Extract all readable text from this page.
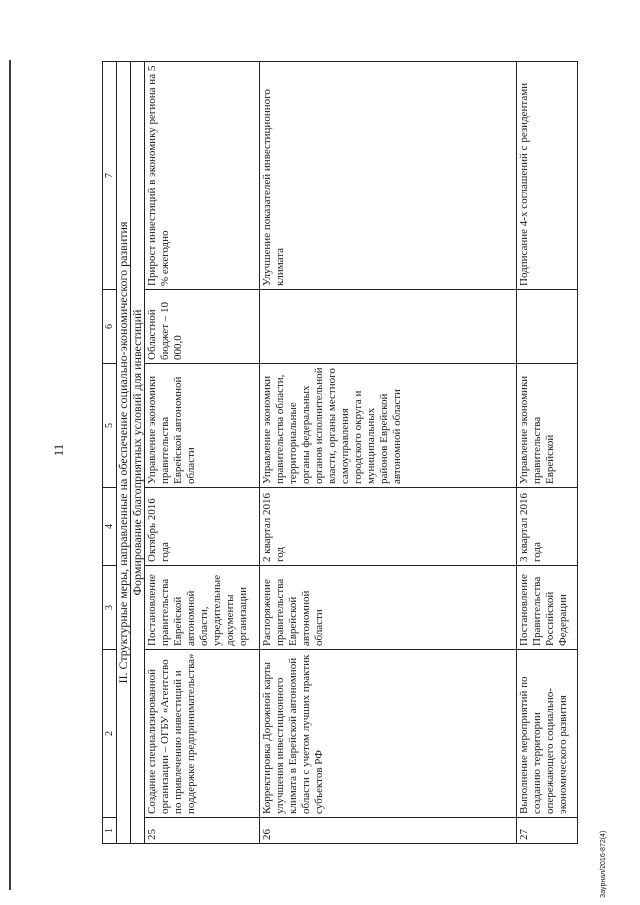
11
Заурнал/2016-872(4)
1	2	3	4	5	6	7
II. Структурные меры, направленные на обеспечение социально-экономического развития						
Формирование благоприятных условий для инвестиций						
25	Создание специализированной организации – ОГБУ «Агентство по привлечению инвестиций и поддержке предпринимательства»	Постановление правительства Еврейской автономной области, учредительные документы организации	Октябрь 2016 года	Управление экономики правительства Еврейской автономной области	Областной бюджет – 10 000,0	Прирост инвестиций в экономику региона на 5 % ежегодно
26	Корректировка Дорожной карты улучшения инвестиционного климата в Еврейской автономной области с учетом лучших практик субъектов РФ	Распоряжение правительства Еврейской автономной области	2 квартал 2016 год	Управление экономики правительства области, территориальные органы федеральных органов исполнительной власти, органы местного самоуправления городского округа и муниципальных районов Еврейской автономной области		Улучшение показателей инвестиционного климата
27	Выполнение мероприятий по созданию территории опережающего социально-экономического развития	Постановление Правительства Российской Федерации	3 квартал 2016 года	Управление экономики правительства Еврейской		Подписание 4-х соглашений с резидентами
